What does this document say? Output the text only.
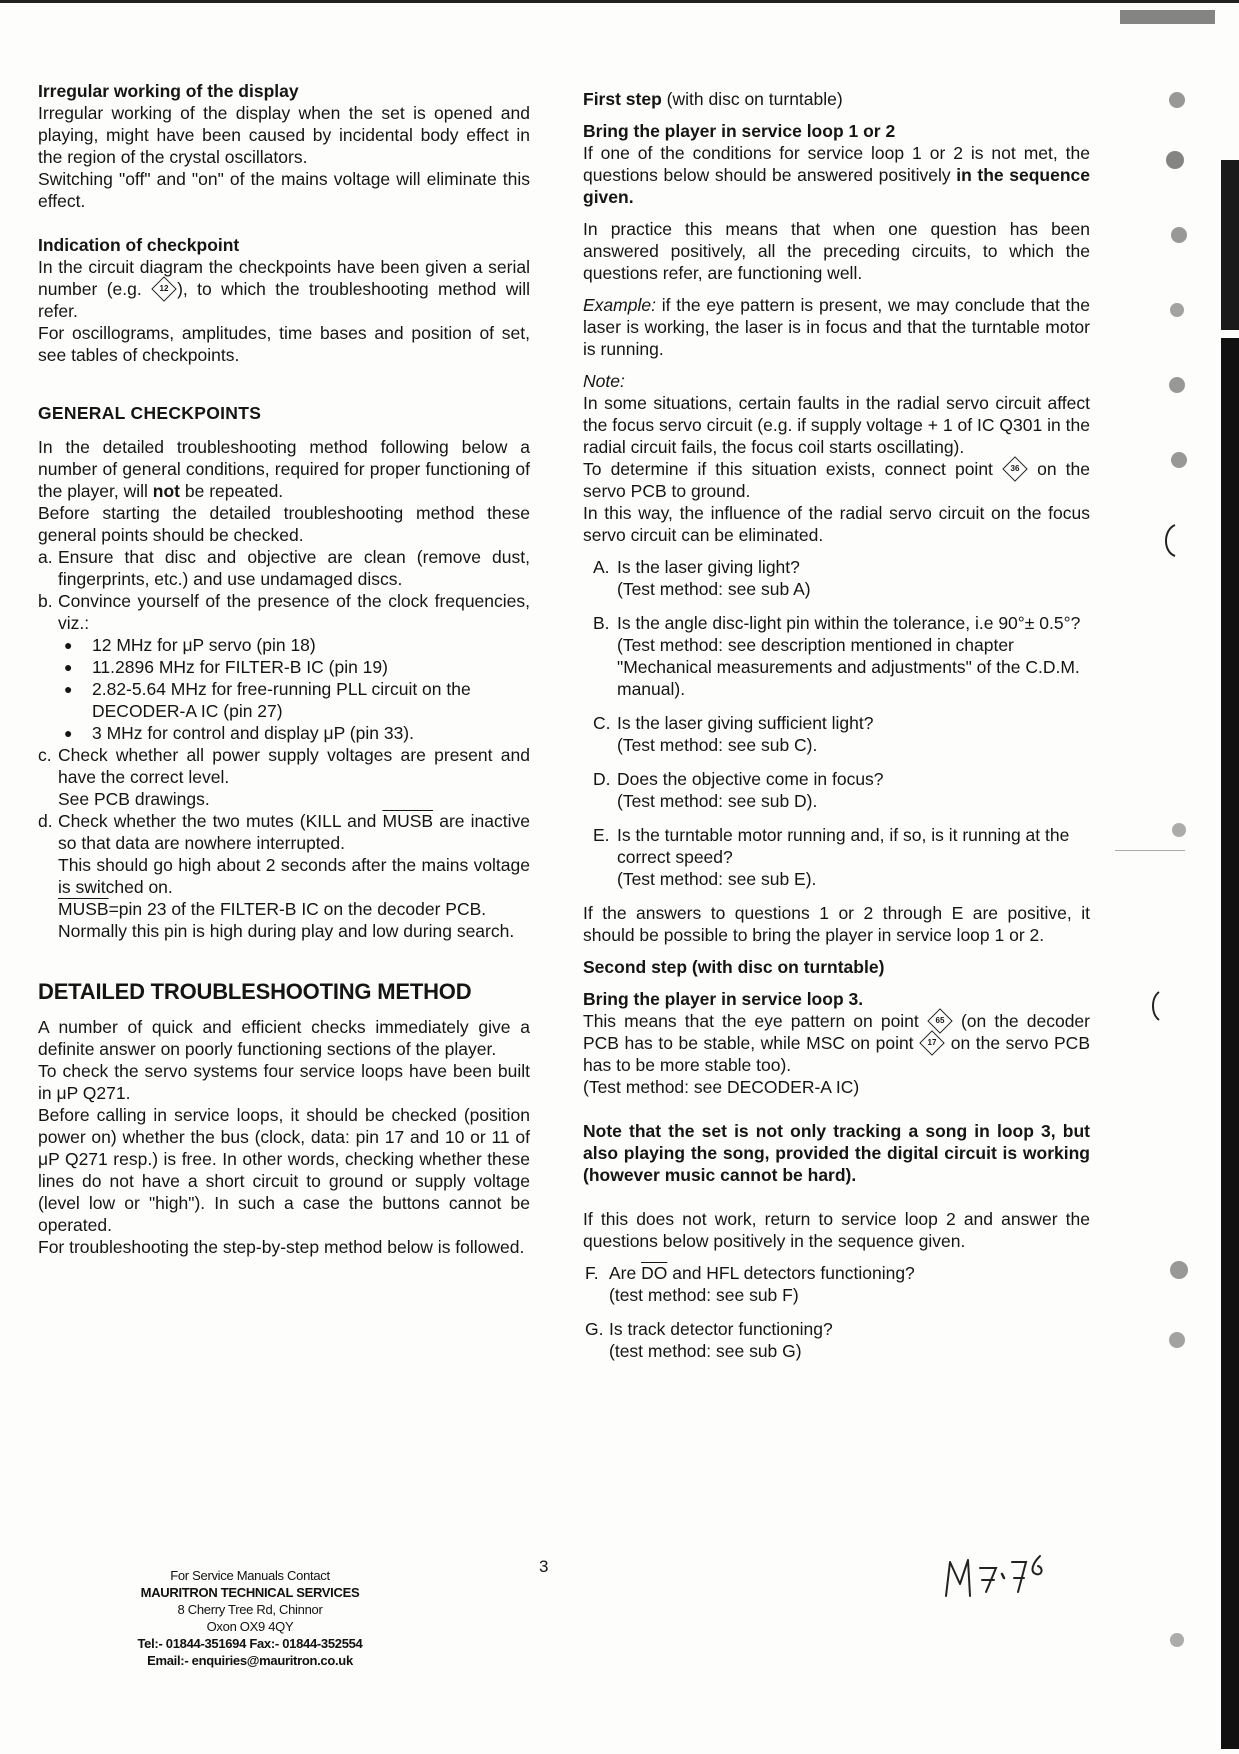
Irregular working of the display

Irregular working of the display when the set is opened and playing, might have been caused by incidental body effect in the region of the crystal oscillators.

Switching "off" and "on" of the mains voltage will eliminate this effect.

Indication of checkpoint

In the circuit diagram the checkpoints have been given a serial number (e.g.	12 ), to which the troubleshooting method will refer.

For oscillograms, amplitudes, time bases and position of set, see tables of checkpoints.

GENERAL CHECKPOINTS

In the detailed troubleshooting method following below a number of general conditions, required for proper functioning of the player, will not be repeated.

Before starting the detailed troubleshooting method these general points should be checked.

a. Ensure that disc and objective are clean (remove dust, fingerprints, etc.) and use undamaged discs.
b. Convince yourself of the presence of the clock frequencies, viz.:
●	12 MHz for μP servo (pin 18)
●	11.2896 MHz for FILTER-B IC (pin 19)
●	2.82-5.64 MHz for free-running PLL circuit on the DECODER-A IC (pin 27)
●	3 MHz for control and display μP (pin 33).
c. Check whether all power supply voltages are present and have the correct level.
See PCB drawings.
d. Check whether the two mutes (KILL and MUSB are inactive so that data are nowhere interrupted.
This should go high about 2 seconds after the mains voltage is switched on.
MUSB=pin 23 of the FILTER-B IC on the decoder PCB.
Normally this pin is high during play and low during search.

DETAILED TROUBLESHOOTING METHOD

A number of quick and efficient checks immediately give a definite answer on poorly functioning sections of the player.

To check the servo systems four service loops have been built in μP Q271.

Before calling in service loops, it should be checked (position power on) whether the bus (clock, data: pin 17 and 10 or 11 of μP Q271 resp.) is free. In other words, checking whether these lines do not have a short circuit to ground or supply voltage (level low or "high"). In such a case the buttons cannot be operated.

For troubleshooting the step-by-step method below is followed.

First step (with disc on turntable)

Bring the player in service loop 1 or 2

If one of the conditions for service loop 1 or 2 is not met, the questions below should be answered positively in the sequence given.

In practice this means that when one question has been answered positively, all the preceding circuits, to which the questions refer, are functioning well.

Example: if the eye pattern is present, we may conclude that the laser is working, the laser is in focus and that the turntable motor is running.

Note:

In some situations, certain faults in the radial servo circuit affect the focus servo circuit (e.g. if supply voltage + 1 of IC Q301 in the radial circuit fails, the focus coil starts oscillating).

To determine if this situation exists, connect point	36 on the servo PCB to ground.

In this way, the influence of the radial servo circuit on the focus servo circuit can be eliminated.

A. Is the laser giving light?
(Test method: see sub A)
B. Is the angle disc-light pin within the tolerance, i.e 90°± 0.5°?
(Test method: see description mentioned in chapter "Mechanical measurements and adjustments" of the C.D.M. manual).
C. Is the laser giving sufficient light?
(Test method: see sub C).
D. Does the objective come in focus?
(Test method: see sub D).
E. Is the turntable motor running and, if so, is it running at the correct speed?
(Test method: see sub E).

If the answers to questions 1 or 2 through E are positive, it should be possible to bring the player in service loop 1 or 2.

Second step (with disc on turntable)

Bring the player in service loop 3.

This means that the eye pattern on point	65 (on the decoder PCB has to be stable, while MSC on point	17 on the servo PCB has to be more stable too).

(Test method: see DECODER-A IC)

Note that the set is not only tracking a song in loop 3, but also playing the song, provided the digital circuit is working (however music cannot be hard).

If this does not work, return to service loop 2 and answer the questions below positively in the sequence given.

F. Are $\overline{DO}$ and HFL detectors functioning?
(test method: see sub F)
G. Is track detector functioning?
(test method: see sub G)
3
For Service Manuals Contact
MAURITRON TECHNICAL SERVICES
8 Cherry Tree Rd, Chinnor
Oxon OX9 4QY
Tel:- 01844-351694 Fax:- 01844-352554
Email:- enquiries@mauritron.co.uk
